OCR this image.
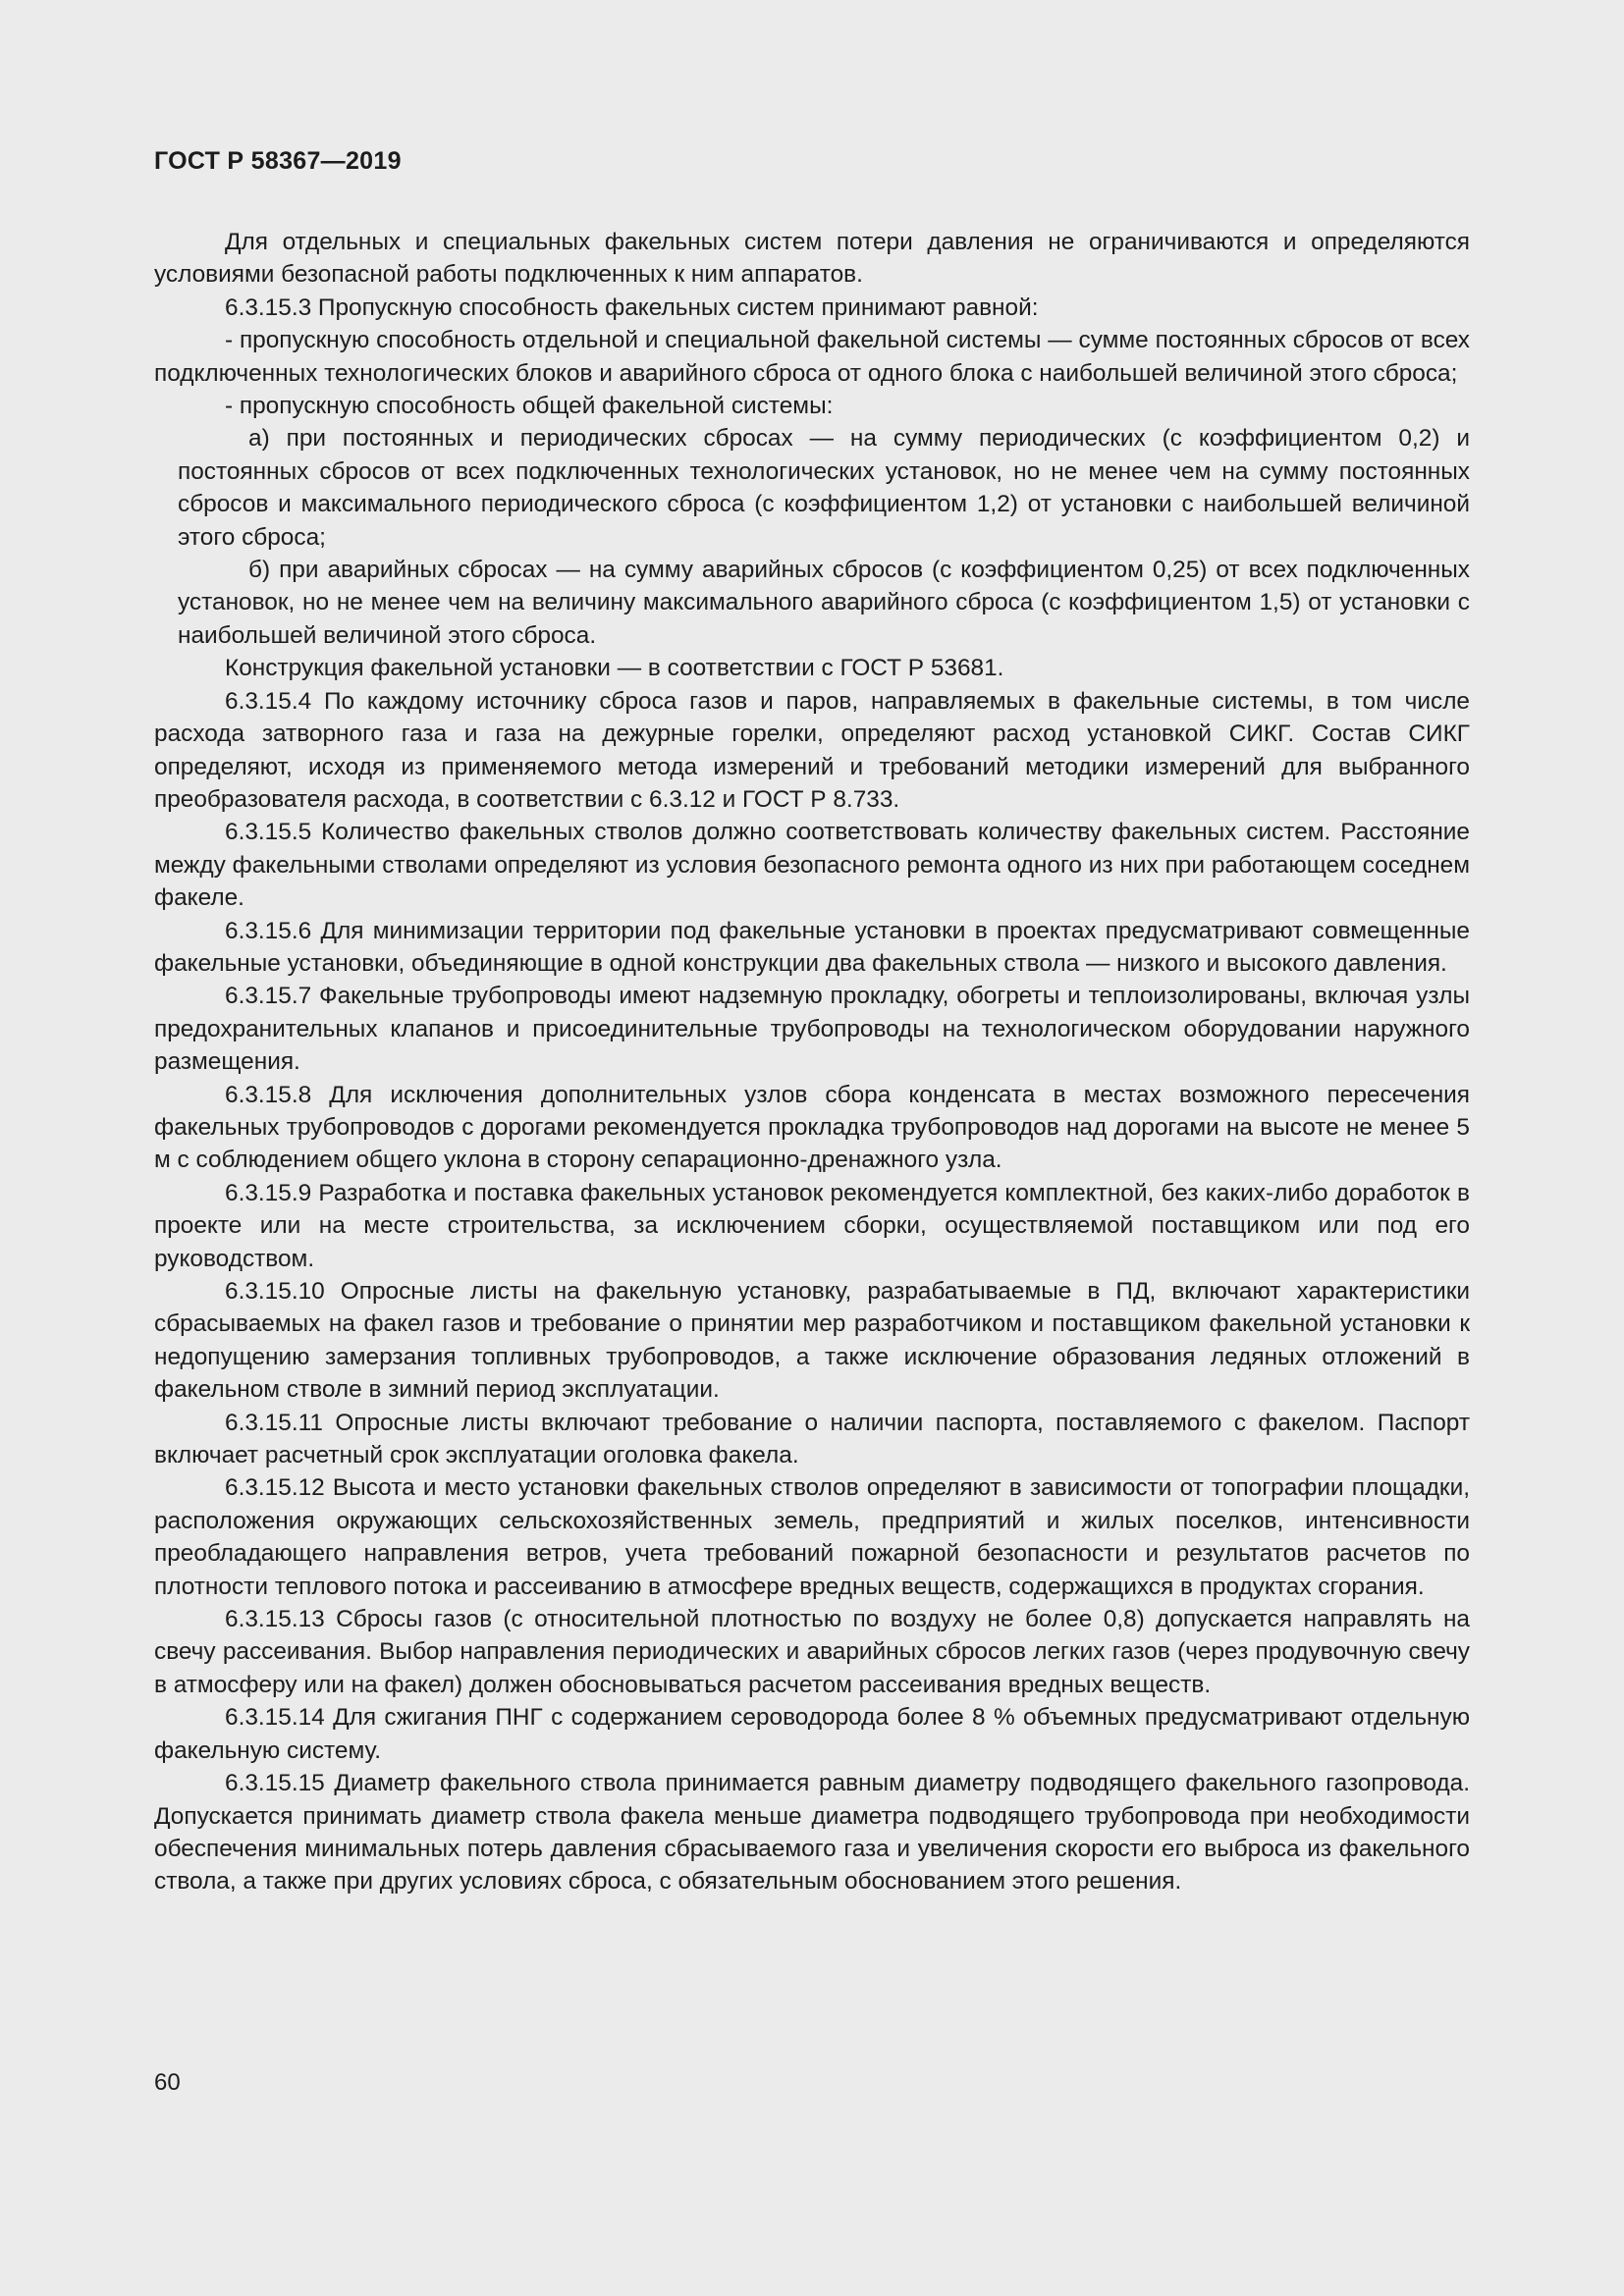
ГОСТ Р 58367—2019

Для отдельных и специальных факельных систем потери давления не ограничиваются и определяются условиями безопасной работы подключенных к ним аппаратов.

6.3.15.3 Пропускную способность факельных систем принимают равной:

- пропускную способность отдельной и специальной факельной системы — сумме постоянных сбросов от всех подключенных технологических блоков и аварийного сброса от одного блока с наибольшей величиной этого сброса;

- пропускную способность общей факельной системы:

а) при постоянных и периодических сбросах — на сумму периодических (с коэффициентом 0,2) и постоянных сбросов от всех подключенных технологических установок, но не менее чем на сумму постоянных сбросов и максимального периодического сброса (с коэффициентом 1,2) от установки с наибольшей величиной этого сброса;

б) при аварийных сбросах — на сумму аварийных сбросов (с коэффициентом 0,25) от всех подключенных установок, но не менее чем на величину максимального аварийного сброса (с коэффициентом 1,5) от установки с наибольшей величиной этого сброса.

Конструкция факельной установки — в соответствии с ГОСТ Р 53681.

6.3.15.4 По каждому источнику сброса газов и паров, направляемых в факельные системы, в том числе расхода затворного газа и газа на дежурные горелки, определяют расход установкой СИКГ. Состав СИКГ определяют, исходя из применяемого метода измерений и требований методики измерений для выбранного преобразователя расхода, в соответствии с 6.3.12 и ГОСТ Р 8.733.

6.3.15.5 Количество факельных стволов должно соответствовать количеству факельных систем. Расстояние между факельными стволами определяют из условия безопасного ремонта одного из них при работающем соседнем факеле.

6.3.15.6 Для минимизации территории под факельные установки в проектах предусматривают совмещенные факельные установки, объединяющие в одной конструкции два факельных ствола — низкого и высокого давления.

6.3.15.7 Факельные трубопроводы имеют надземную прокладку, обогреты и теплоизолированы, включая узлы предохранительных клапанов и присоединительные трубопроводы на технологическом оборудовании наружного размещения.

6.3.15.8 Для исключения дополнительных узлов сбора конденсата в местах возможного пересечения факельных трубопроводов с дорогами рекомендуется прокладка трубопроводов над дорогами на высоте не менее 5 м с соблюдением общего уклона в сторону сепарационно-дренажного узла.

6.3.15.9 Разработка и поставка факельных установок рекомендуется комплектной, без каких-либо доработок в проекте или на месте строительства, за исключением сборки, осуществляемой поставщиком или под его руководством.

6.3.15.10 Опросные листы на факельную установку, разрабатываемые в ПД, включают характеристики сбрасываемых на факел газов и требование о принятии мер разработчиком и поставщиком факельной установки к недопущению замерзания топливных трубопроводов, а также исключение образования ледяных отложений в факельном стволе в зимний период эксплуатации.

6.3.15.11 Опросные листы включают требование о наличии паспорта, поставляемого с факелом. Паспорт включает расчетный срок эксплуатации оголовка факела.

6.3.15.12 Высота и место установки факельных стволов определяют в зависимости от топографии площадки, расположения окружающих сельскохозяйственных земель, предприятий и жилых поселков, интенсивности преобладающего направления ветров, учета требований пожарной безопасности и результатов расчетов по плотности теплового потока и рассеиванию в атмосфере вредных веществ, содержащихся в продуктах сгорания.

6.3.15.13 Сбросы газов (с относительной плотностью по воздуху не более 0,8) допускается направлять на свечу рассеивания. Выбор направления периодических и аварийных сбросов легких газов (через продувочную свечу в атмосферу или на факел) должен обосновываться расчетом рассеивания вредных веществ.

6.3.15.14 Для сжигания ПНГ с содержанием сероводорода более 8 % объемных предусматривают отдельную факельную систему.

6.3.15.15 Диаметр факельного ствола принимается равным диаметру подводящего факельного газопровода. Допускается принимать диаметр ствола факела меньше диаметра подводящего трубопровода при необходимости обеспечения минимальных потерь давления сбрасываемого газа и увеличения скорости его выброса из факельного ствола, а также при других условиях сброса, с обязательным обоснованием этого решения.

60
